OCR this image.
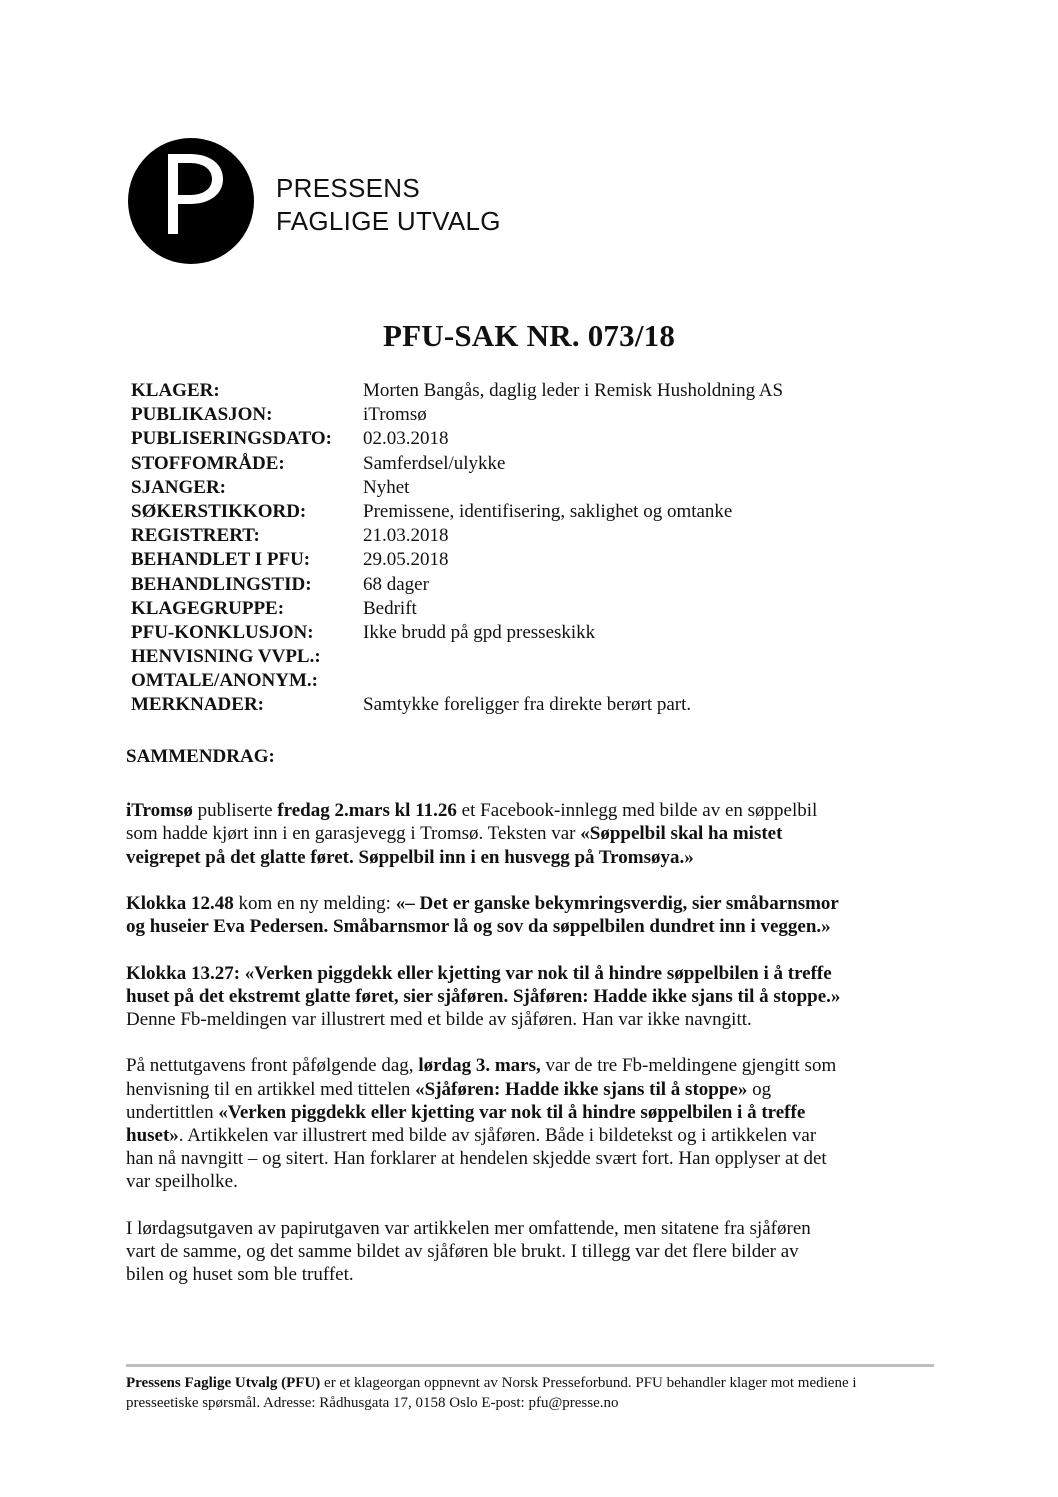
PRESSENS
FAGLIGE UTVALG
PFU-SAK NR. 073/18
KLAGER:	Morten Bangås, daglig leder i Remisk Husholdning AS
PUBLIKASJON:	iTromsø
PUBLISERINGSDATO:	02.03.2018
STOFFOMRÅDE:	Samferdsel/ulykke
SJANGER:	Nyhet
SØKERSTIKKORD:	Premissene, identifisering, saklighet og omtanke
REGISTRERT:	21.03.2018
BEHANDLET I PFU:	29.05.2018
BEHANDLINGSTID:	68 dager
KLAGEGRUPPE:	Bedrift
PFU-KONKLUSJON:	Ikke brudd på gpd presseskikk
HENVISNING VVPL.:
OMTALE/ANONYM.:
MERKNADER:	Samtykke foreligger fra direkte berørt part.

SAMMENDRAG:

iTromsø publiserte fredag 2.mars kl 11.26 et Facebook-innlegg med bilde av en søppelbil
som hadde kjørt inn i en garasjevegg i Tromsø. Teksten var «Søppelbil skal ha mistet
veigrepet på det glatte føret. Søppelbil inn i en husvegg på Tromsøya.»

Klokka 12.48 kom en ny melding: «– Det er ganske bekymringsverdig, sier småbarnsmor
og huseier Eva Pedersen. Småbarnsmor lå og sov da søppelbilen dundret inn i veggen.»

Klokka 13.27: «Verken piggdekk eller kjetting var nok til å hindre søppelbilen i å treffe
huset på det ekstremt glatte føret, sier sjåføren. Sjåføren: Hadde ikke sjans til å stoppe.»
Denne Fb-meldingen var illustrert med et bilde av sjåføren. Han var ikke navngitt.

På nettutgavens front påfølgende dag, lørdag 3. mars, var de tre Fb-meldingene gjengitt som
henvisning til en artikkel med tittelen «Sjåføren: Hadde ikke sjans til å stoppe» og
undertittlen «Verken piggdekk eller kjetting var nok til å hindre søppelbilen i å treffe
huset». Artikkelen var illustrert med bilde av sjåføren. Både i bildetekst og i artikkelen var
han nå navngitt – og sitert. Han forklarer at hendelen skjedde svært fort. Han opplyser at det
var speilholke.

I lørdagsutgaven av papirutgaven var artikkelen mer omfattende, men sitatene fra sjåføren
vart de samme, og det samme bildet av sjåføren ble brukt. I tillegg var det flere bilder av
bilen og huset som ble truffet.

Pressens Faglige Utvalg (PFU) er et klageorgan oppnevnt av Norsk Presseforbund. PFU behandler klager mot mediene i
presseetiske spørsmål. Adresse: Rådhusgata 17, 0158 Oslo E-post: pfu@presse.no
